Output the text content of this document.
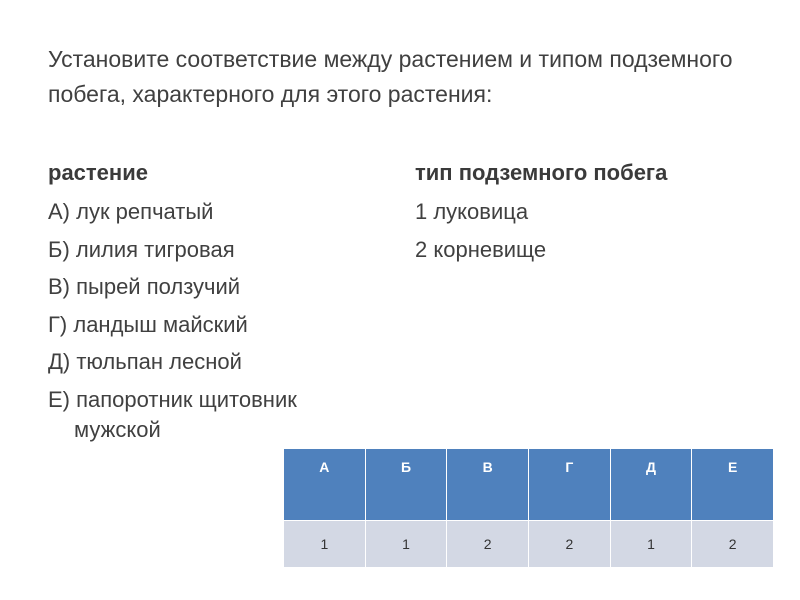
Установите соответствие между растением и типом подземного побега, характерного для этого растения:
растение
А) лук репчатый
Б) лилия тигровая
В) пырей ползучий
Г) ландыш майский
Д) тюльпан лесной
Е) папоротник щитовник мужской
тип подземного побега
1 луковица
2 корневище
А	Б	В	Г	Д	Е
1	1	2	2	1	2
